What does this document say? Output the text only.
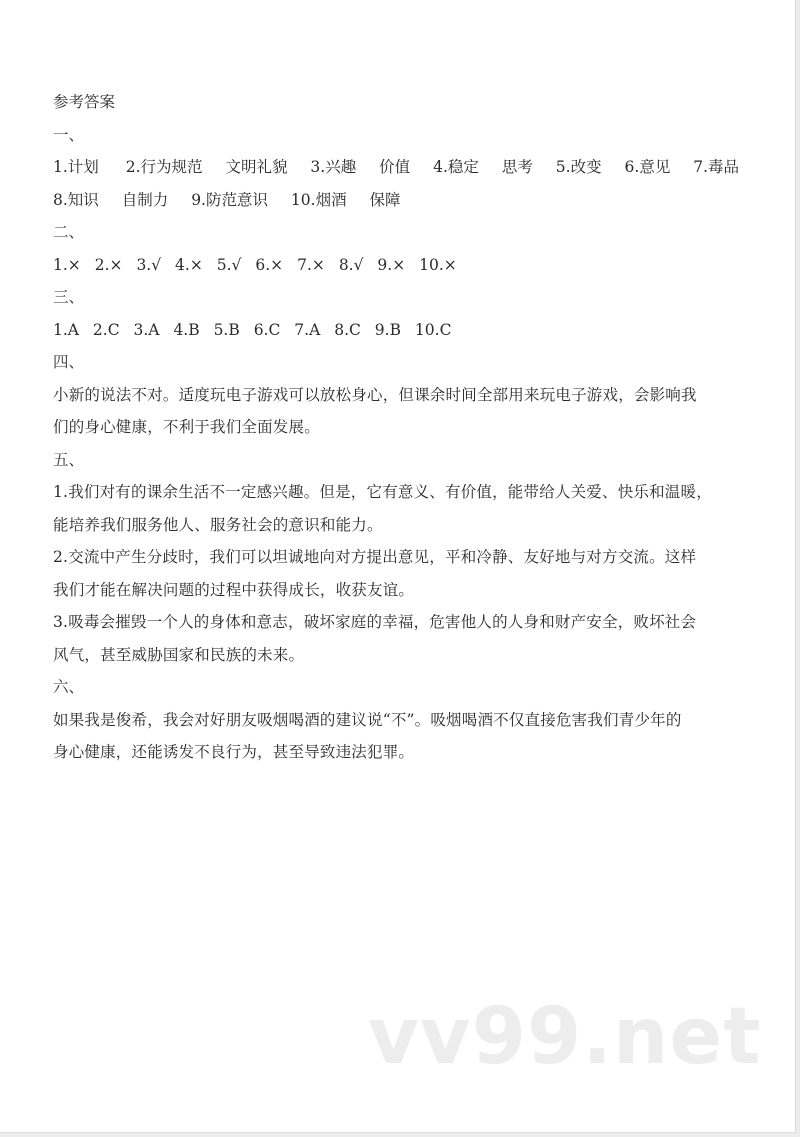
参考答案
一、
1.计划 2.行为规范 文明礼貌 3.兴趣 价值 4.稳定 思考 5.改变 6.意见 7.毒品
8.知识 自制力 9.防范意识 10.烟酒 保障
二、
1.× 2.× 3.√ 4.× 5.√ 6.× 7.× 8.√ 9.× 10.×
三、
1.A 2.C 3.A 4.B 5.B 6.C 7.A 8.C 9.B 10.C
四、
小新的说法不对。适度玩电子游戏可以放松身心，但课余时间全部用来玩电子游戏，会影响我
们的身心健康，不利于我们全面发展。
五、
1.我们对有的课余生活不一定感兴趣。但是，它有意义、有价值，能带给人关爱、快乐和温暖，
能培养我们服务他人、服务社会的意识和能力。
2.交流中产生分歧时，我们可以坦诚地向对方提出意见，平和冷静、友好地与对方交流。这样
我们才能在解决问题的过程中获得成长，收获友谊。
3.吸毒会摧毁一个人的身体和意志，破坏家庭的幸福，危害他人的人身和财产安全，败坏社会
风气，甚至威胁国家和民族的未来。
六、
如果我是俊希，我会对好朋友吸烟喝酒的建议说“不”。吸烟喝酒不仅直接危害我们青少年的
身心健康，还能诱发不良行为，甚至导致违法犯罪。
vv99.net
